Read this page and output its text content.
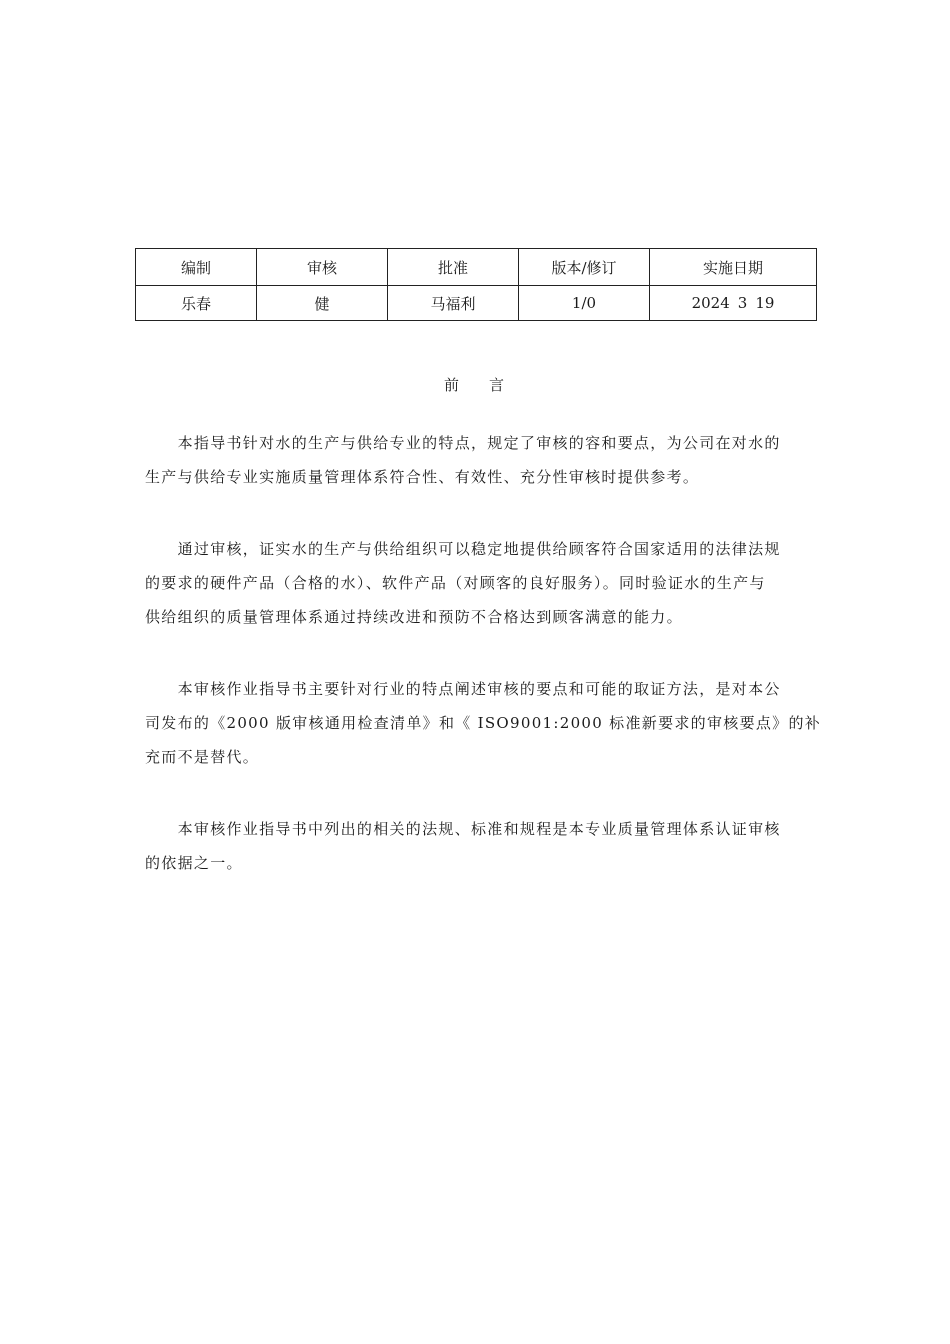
编制	审核	批准	版本/修订	实施日期
乐春	健	马福利	1/0	2024 3 19
前 言

　　本指导书针对水的生产与供给专业的特点，规定了审核的容和要点，为公司在对水的
生产与供给专业实施质量管理体系符合性、有效性、充分性审核时提供参考。

　　通过审核，证实水的生产与供给组织可以稳定地提供给顾客符合国家适用的法律法规
的要求的硬件产品（合格的水）、软件产品（对顾客的良好服务）。同时验证水的生产与
供给组织的质量管理体系通过持续改进和预防不合格达到顾客满意的能力。

　　本审核作业指导书主要针对行业的特点阐述审核的要点和可能的取证方法，是对本公
司发布的《2000 版审核通用检查清单》和《 ISO9001:2000 标准新要求的审核要点》的补
充而不是替代。

　　本审核作业指导书中列出的相关的法规、标准和规程是本专业质量管理体系认证审核
的依据之一。
